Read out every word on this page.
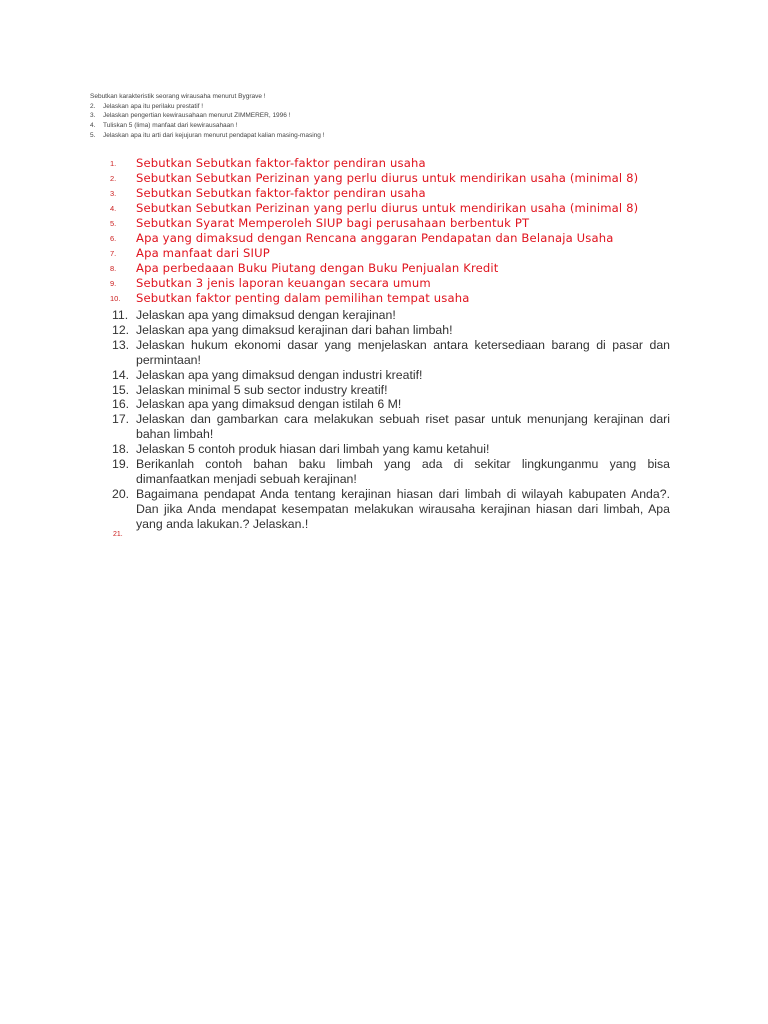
Sebutkan karakteristik seorang wirausaha menurut Bygrave !
2. Jelaskan apa itu perilaku prestatif !
3. Jelaskan pengertian kewirausahaan menurut ZIMMERER, 1996 !
4. Tuliskan 5 (lima) manfaat dari kewirausahaan !
5. Jelaskan apa itu arti dari kejujuran menurut pendapat kalian masing-masing !
1.	Sebutkan Sebutkan faktor-faktor pendiran usaha
2.	Sebutkan Sebutkan Perizinan yang perlu diurus untuk mendirikan usaha (minimal 8)
3.	Sebutkan Sebutkan faktor-faktor pendiran usaha
4.	Sebutkan Sebutkan Perizinan yang perlu diurus untuk mendirikan usaha (minimal 8)
5.	Sebutkan Syarat Memperoleh SIUP bagi perusahaan berbentuk PT
6.	Apa yang dimaksud dengan Rencana anggaran Pendapatan dan Belanaja Usaha
7.	Apa manfaat dari SIUP
8.	Apa perbedaaan Buku Piutang dengan Buku Penjualan Kredit
9.	Sebutkan 3 jenis laporan keuangan secara umum
10.	Sebutkan faktor penting dalam pemilihan tempat usaha
11. Jelaskan apa yang dimaksud dengan kerajinan!
12. Jelaskan apa yang dimaksud kerajinan dari bahan limbah!
13. Jelaskan hukum ekonomi dasar yang menjelaskan antara ketersediaan barang di pasar dan
permintaan!
14. Jelaskan apa yang dimaksud dengan industri kreatif!
15. Jelaskan minimal 5 sub sector industry kreatif!
16. Jelaskan apa yang dimaksud dengan istilah 6 M!
17. Jelaskan dan gambarkan cara melakukan sebuah riset pasar untuk menunjang kerajinan dari
bahan limbah!
18. Jelaskan 5 contoh produk hiasan dari limbah yang kamu ketahui!
19. Berikanlah contoh bahan baku limbah yang ada di sekitar lingkunganmu yang bisa
dimanfaatkan menjadi sebuah kerajinan!
20. Bagaimana pendapat Anda tentang kerajinan hiasan dari limbah di wilayah kabupaten Anda?.
Dan jika Anda mendapat kesempatan melakukan wirausaha kerajinan hiasan dari limbah, Apa
yang anda lakukan.? Jelaskan.!
21.
